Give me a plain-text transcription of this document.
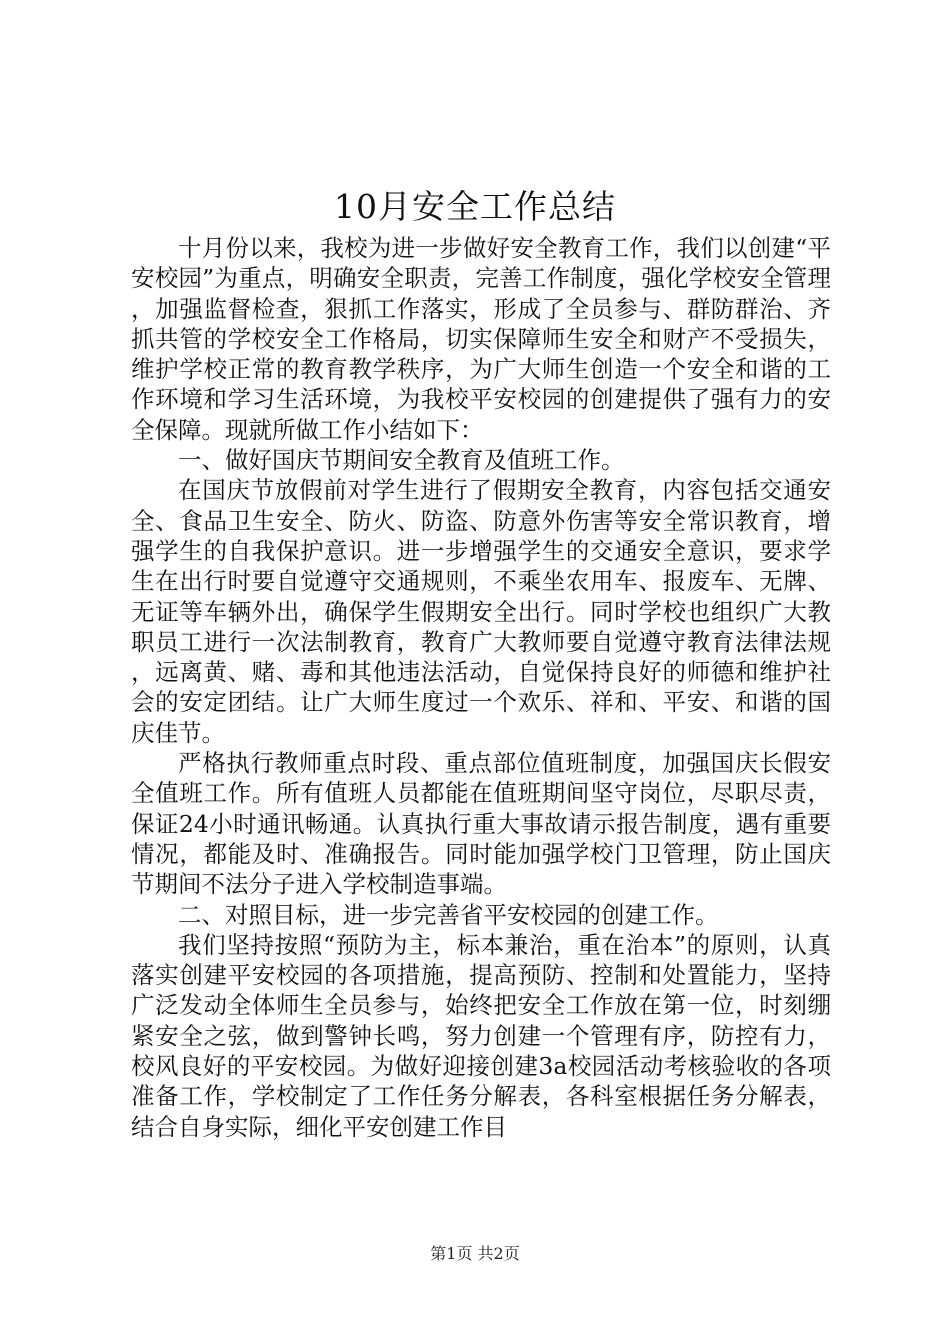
10月安全工作总结

十月份以来，我校为进一步做好安全教育工作，我们以创建“平安校园”为重点，明确安全职责，完善工作制度，强化学校安全管理，加强监督检查，狠抓工作落实，形成了全员参与、群防群治、齐抓共管的学校安全工作格局，切实保障师生安全和财产不受损失，维护学校正常的教育教学秩序，为广大师生创造一个安全和谐的工作环境和学习生活环境，为我校平安校园的创建提供了强有力的安全保障。现就所做工作小结如下：

一、做好国庆节期间安全教育及值班工作。

在国庆节放假前对学生进行了假期安全教育，内容包括交通安全、食品卫生安全、防火、防盗、防意外伤害等安全常识教育，增强学生的自我保护意识。进一步增强学生的交通安全意识，要求学生在出行时要自觉遵守交通规则，不乘坐农用车、报废车、无牌、无证等车辆外出，确保学生假期安全出行。同时学校也组织广大教职员工进行一次法制教育，教育广大教师要自觉遵守教育法律法规，远离黄、赌、毒和其他违法活动，自觉保持良好的师德和维护社会的安定团结。让广大师生度过一个欢乐、祥和、平安、和谐的国庆佳节。

严格执行教师重点时段、重点部位值班制度，加强国庆长假安全值班工作。所有值班人员都能在值班期间坚守岗位，尽职尽责，保证24小时通讯畅通。认真执行重大事故请示报告制度，遇有重要情况，都能及时、准确报告。同时能加强学校门卫管理，防止国庆节期间不法分子进入学校制造事端。

二、对照目标，进一步完善省平安校园的创建工作。

我们坚持按照“预防为主，标本兼治，重在治本”的原则，认真落实创建平安校园的各项措施，提高预防、控制和处置能力，坚持广泛发动全体师生全员参与，始终把安全工作放在第一位，时刻绷紧安全之弦，做到警钟长鸣，努力创建一个管理有序，防控有力，校风良好的平安校园。为做好迎接创建3a校园活动考核验收的各项准备工作，学校制定了工作任务分解表，各科室根据任务分解表，结合自身实际，细化平安创建工作目

第1页 共2页
